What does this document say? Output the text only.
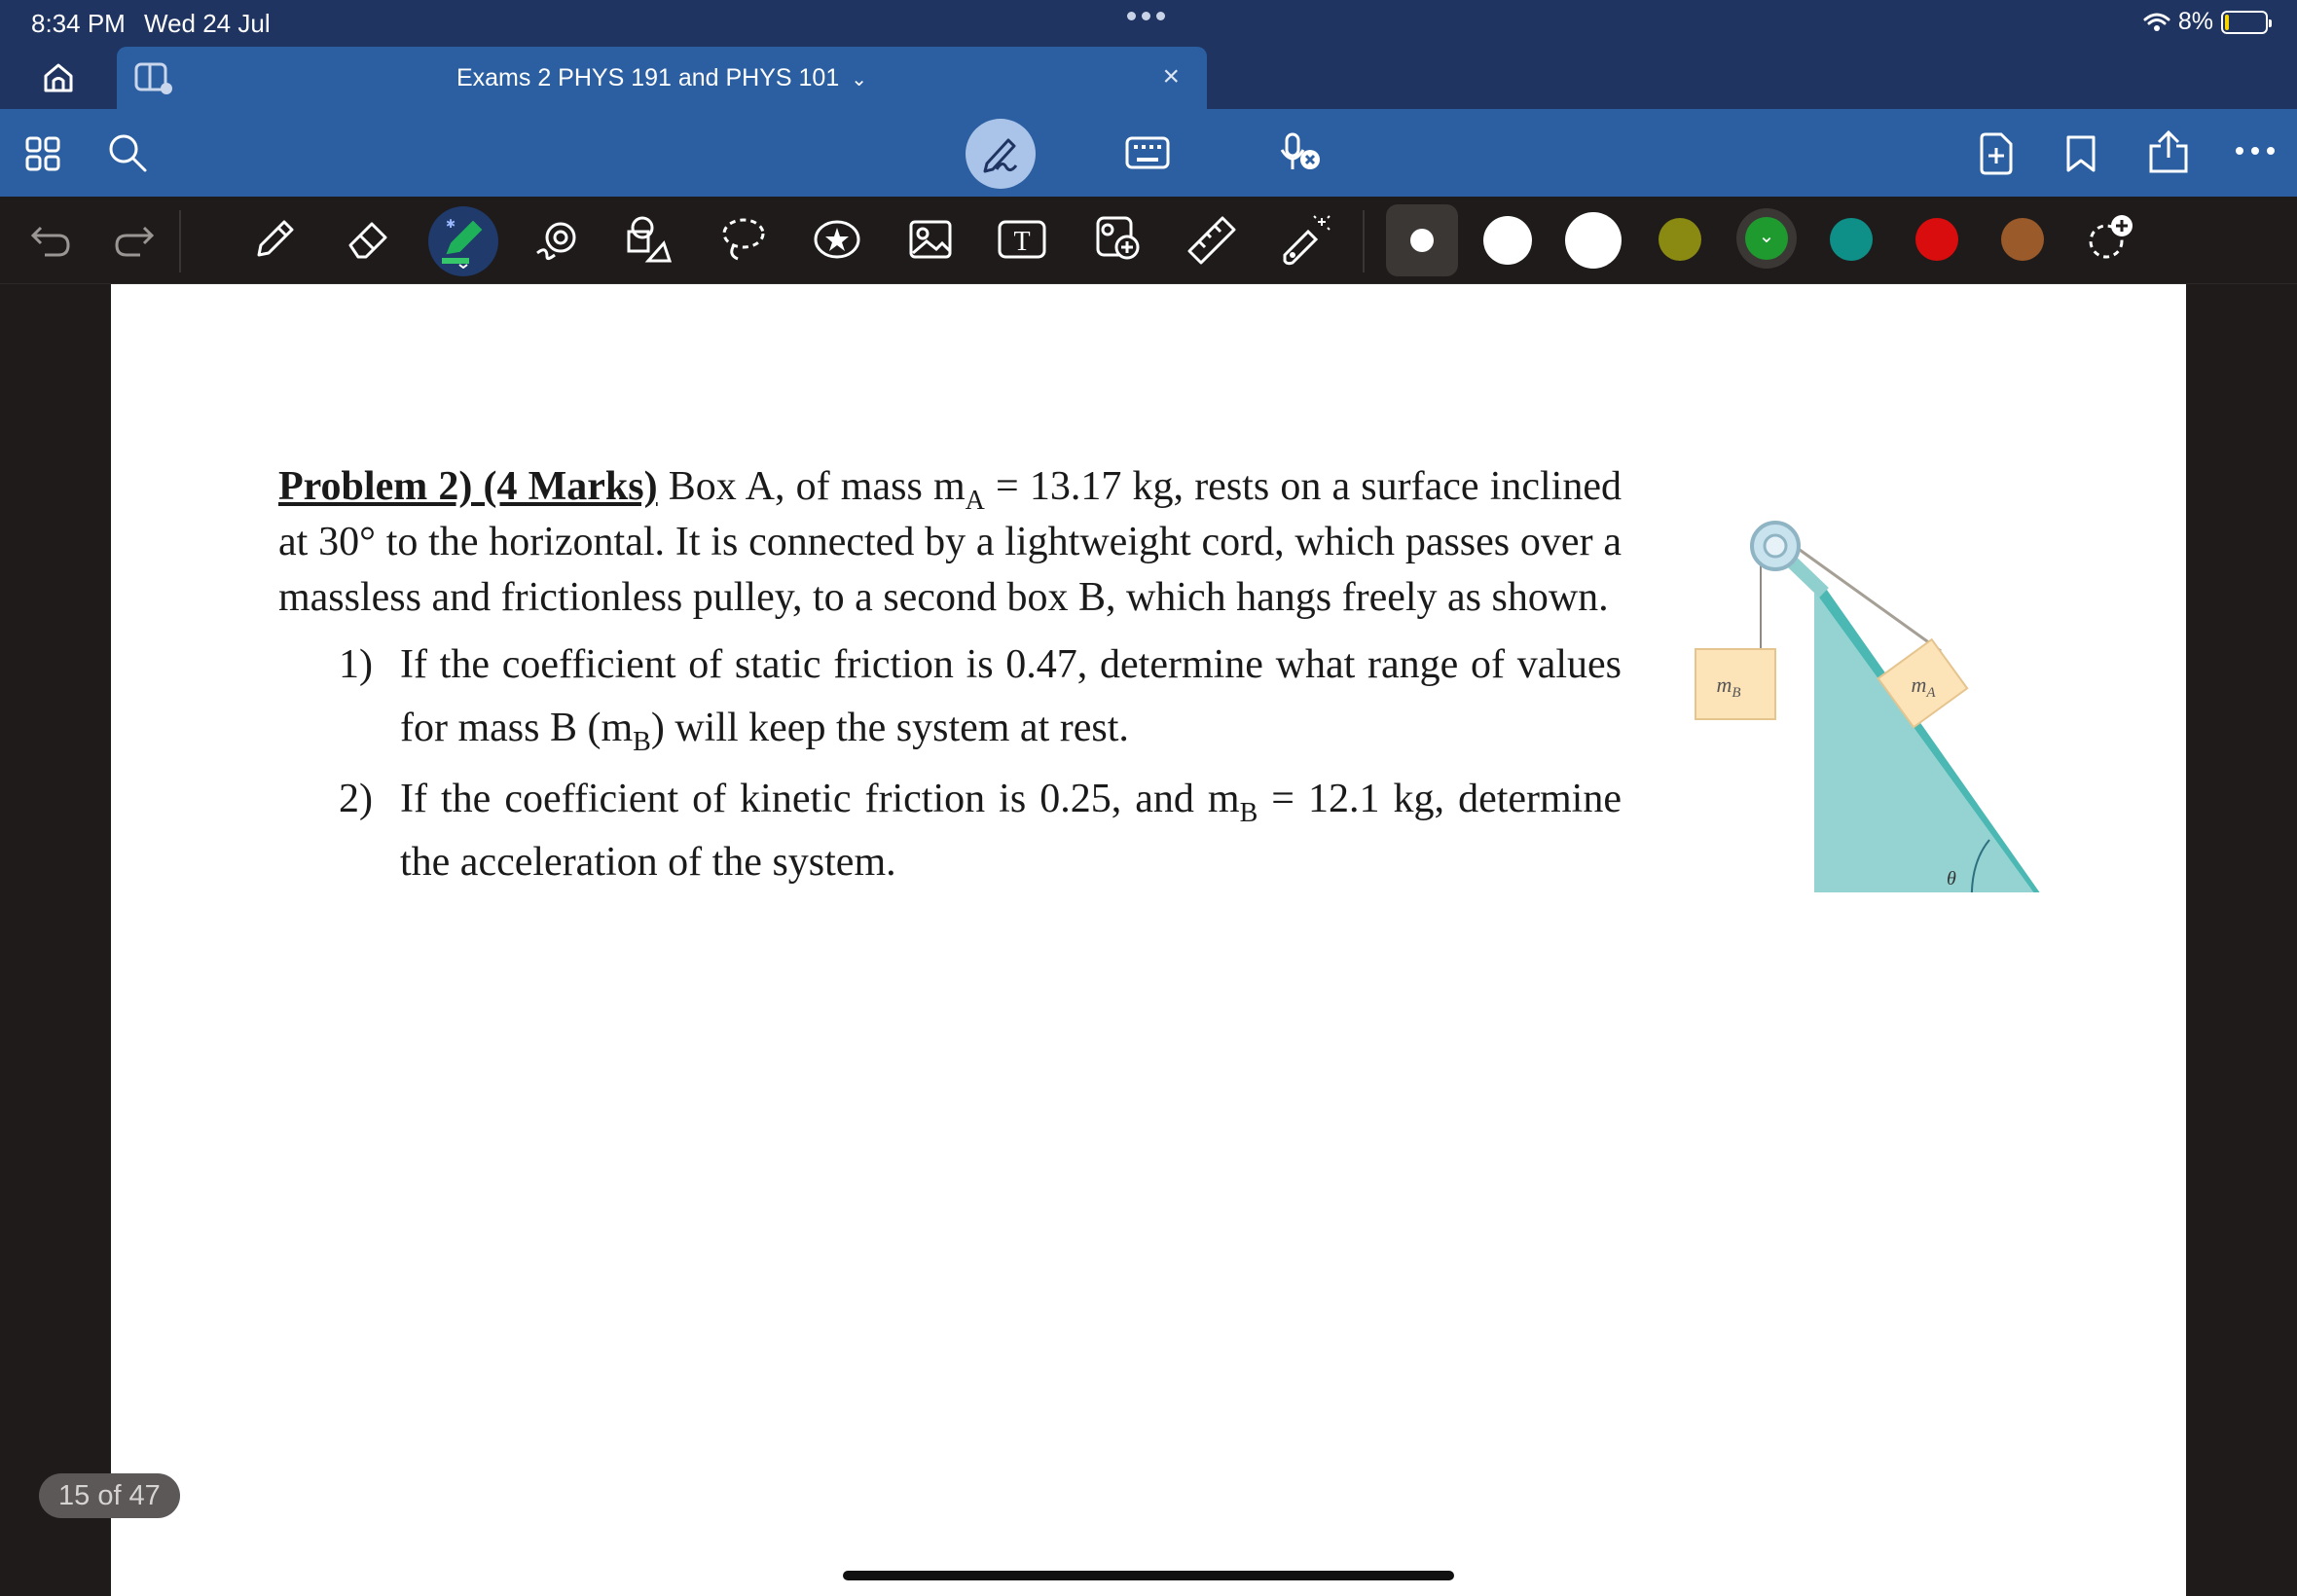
8:34 PM Wed 24 Jul	8%
Exams 2 PHYS 191 and PHYS 101 ⌄	×
✱
T	⌄

Problem 2) (4 Marks) Box A, of mass $m_A = 13.17$ kg, rests on a surface inclined at 30° to the horizontal. It is connected by a lightweight cord, which passes over a massless and frictionless pulley, to a second box B, which hangs freely as shown.

1) If the coefficient of static friction is 0.47, determine what range of values for mass B $(m_B)$ will keep the system at rest.

2) If the coefficient of kinetic friction is 0.25, and $m_B = 12.1$ kg, determine the acceleration of the system.

$m_B$	$m_A$
θ
15 of 47
